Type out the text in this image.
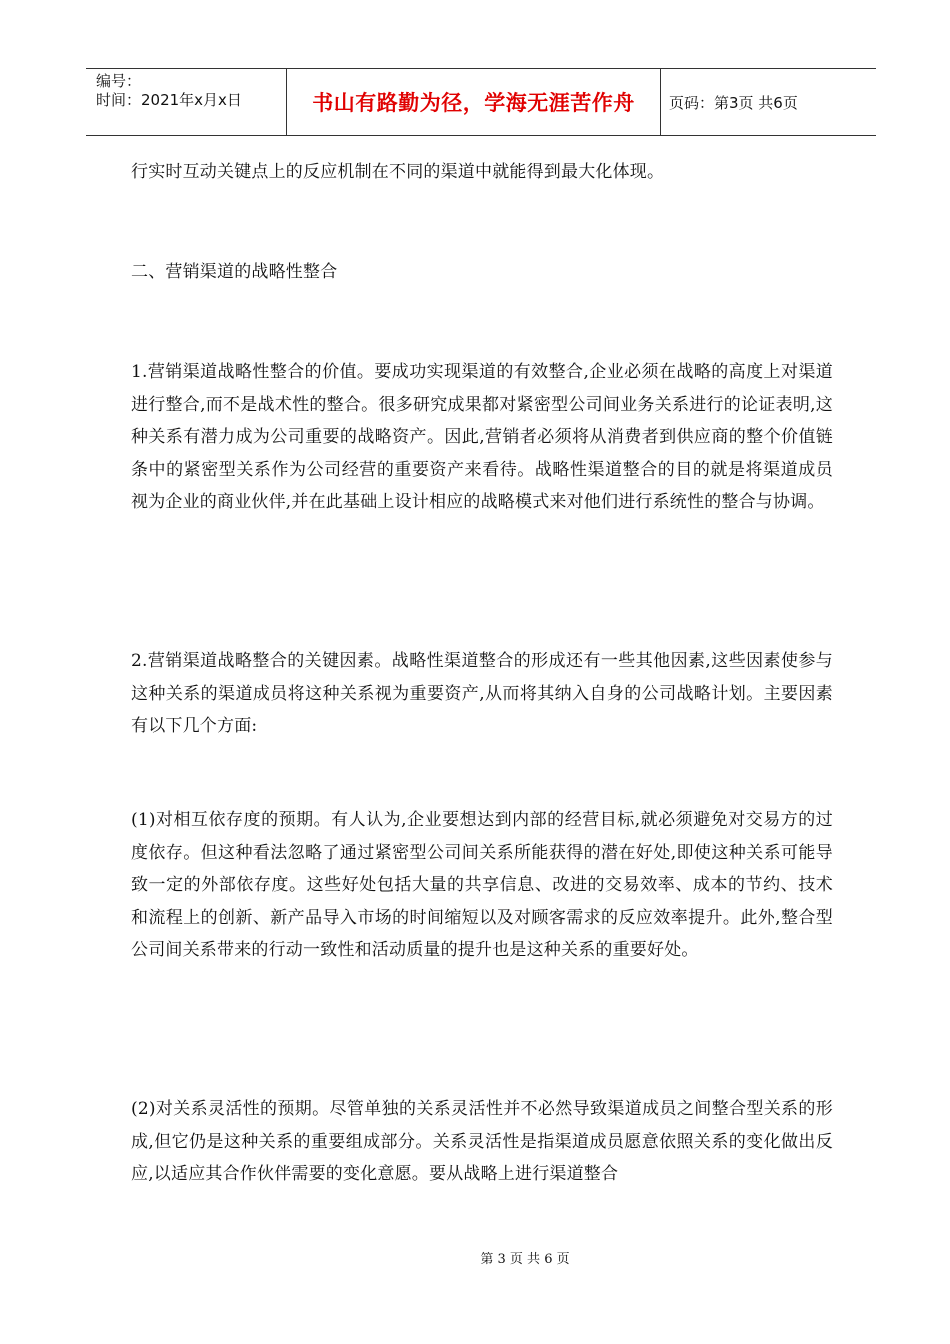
编号：
时间：2021年x月x日	书山有路勤为径，学海无涯苦作舟	页码：第3页 共6页

行实时互动关键点上的反应机制在不同的渠道中就能得到最大化体现。

二、营销渠道的战略性整合

1.营销渠道战略性整合的价值。要成功实现渠道的有效整合,企业必须在战略的高度上对渠道进行整合,而不是战术性的整合。很多研究成果都对紧密型公司间业务关系进行的论证表明,这种关系有潜力成为公司重要的战略资产。因此,营销者必须将从消费者到供应商的整个价值链条中的紧密型关系作为公司经营的重要资产来看待。战略性渠道整合的目的就是将渠道成员视为企业的商业伙伴,并在此基础上设计相应的战略模式来对他们进行系统性的整合与协调。

2.营销渠道战略整合的关键因素。战略性渠道整合的形成还有一些其他因素,这些因素使参与这种关系的渠道成员将这种关系视为重要资产,从而将其纳入自身的公司战略计划。主要因素有以下几个方面:

(1)对相互依存度的预期。有人认为,企业要想达到内部的经营目标,就必须避免对交易方的过度依存。但这种看法忽略了通过紧密型公司间关系所能获得的潜在好处,即使这种关系可能导致一定的外部依存度。这些好处包括大量的共享信息、改进的交易效率、成本的节约、技术和流程上的创新、新产品导入市场的时间缩短以及对顾客需求的反应效率提升。此外,整合型公司间关系带来的行动一致性和活动质量的提升也是这种关系的重要好处。

(2)对关系灵活性的预期。尽管单独的关系灵活性并不必然导致渠道成员之间整合型关系的形成,但它仍是这种关系的重要组成部分。关系灵活性是指渠道成员愿意依照关系的变化做出反应,以适应其合作伙伴需要的变化意愿。要从战略上进行渠道整合

第 3 页 共 6 页
